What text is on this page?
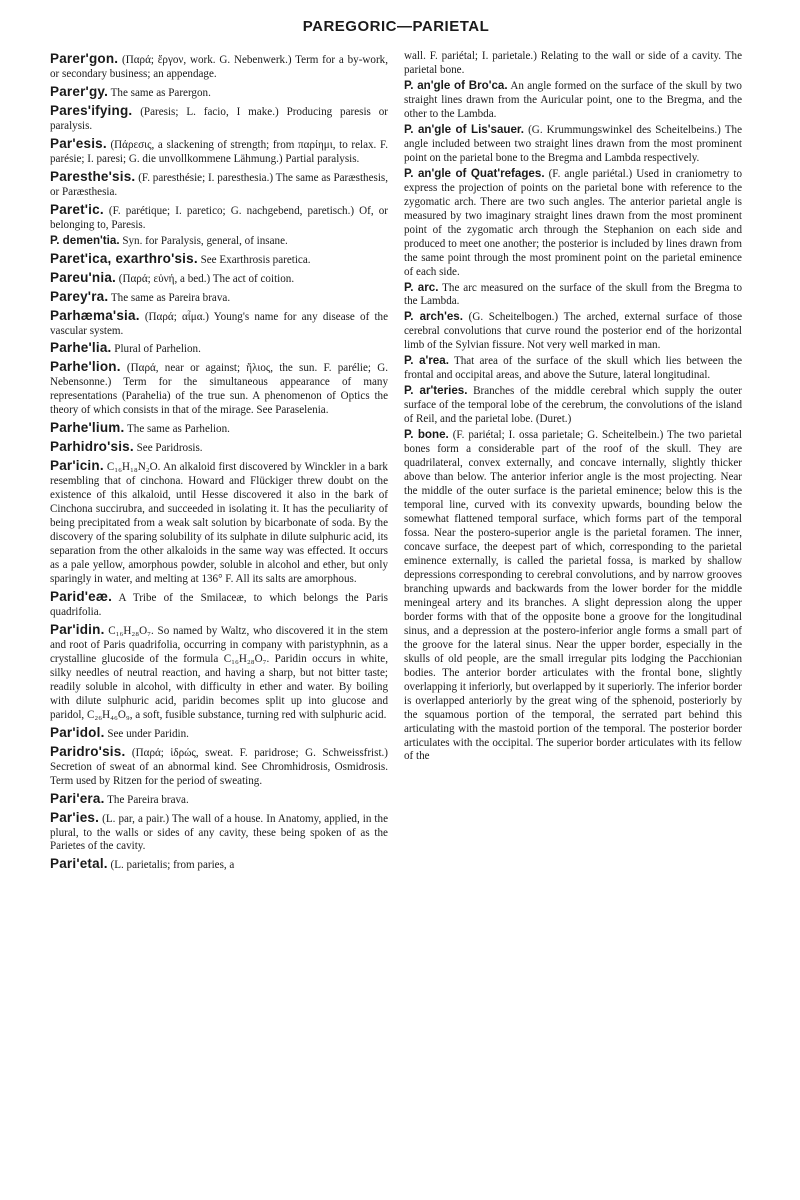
PAREGORIC—PARIETAL

Parer'gon. (Παρά; ἔργον, work. G. Nebenwerk.) Term for a by-work, or secondary business; an appendage.

Parer'gy. The same as Parergon.

Pares'ifying. (Paresis; L. facio, I make.) Producing paresis or paralysis.

Par'esis. (Πάρεσις, a slackening of strength; from παρίημι, to relax. F. parésie; I. paresi; G. die unvollkommene Lähmung.) Partial paralysis.

Paresthe'sis. (F. paresthésie; I. paresthesia.) The same as Paræsthesis, or Paræsthesia.

Paret'ic. (F. parétique; I. paretico; G. nachgebend, paretisch.) Of, or belonging to, Paresis.

P. demen'tia. Syn. for Paralysis, general, of insane.

Paret'ica, exarthro'sis. See Exarthrosis paretica.

Pareu'nia. (Παρά; εὐνή, a bed.) The act of coition.

Parey'ra. The same as Pareira brava.

Parhæma'sia. (Παρά; αἷμα.) Young's name for any disease of the vascular system.

Parhe'lia. Plural of Parhelion.

Parhe'lion. (Παρά, near or against; ἥλιος, the sun. F. parélie; G. Nebensonne.) Term for the simultaneous appearance of many representations (Parahelia) of the true sun. A phenomenon of Optics the theory of which consists in that of the mirage. See Paraselenia.

Parhe'lium. The same as Parhelion.

Parhidro'sis. See Paridrosis.

Par'icin. C₁₆H₁₈N₂O. An alkaloid first discovered by Winckler in a bark resembling that of cinchona. Howard and Flückiger threw doubt on the existence of this alkaloid, until Hesse discovered it also in the bark of Cinchona succirubra, and succeeded in isolating it. It has the peculiarity of being precipitated from a weak salt solution by bicarbonate of soda. By the discovery of the sparing solubility of its sulphate in dilute sulphuric acid, its separation from the other alkaloids in the same way was effected. It occurs as a pale yellow, amorphous powder, soluble in alcohol and ether, but only sparingly in water, and melting at 136° F. All its salts are amorphous.

Parid'eæ. A Tribe of the Smilaceæ, to which belongs the Paris quadrifolia.

Par'idin. C₁₆H₂₈O₇. So named by Waltz, who discovered it in the stem and root of Paris quadrifolia, occurring in company with paristyphnin, as a crystalline glucoside of the formula C₁₆H₂₈O₇. Paridin occurs in white, silky needles of neutral reaction, and having a sharp, but not bitter taste; readily soluble in alcohol, with difficulty in ether and water. By boiling with dilute sulphuric acid, paridin becomes split up into glucose and paridol, C₂₆H₄₆O₉, a soft, fusible substance, turning red with sulphuric acid.

Par'idol. See under Paridin.

Paridro'sis. (Παρά; ἱδρώς, sweat. F. paridrose; G. Schweissfrist.) Secretion of sweat of an abnormal kind. See Chromhidrosis, Osmidrosis. Term used by Ritzen for the period of sweating.

Pari'era. The Pareira brava.

Par'ies. (L. par, a pair.) The wall of a house. In Anatomy, applied, in the plural, to the walls or sides of any cavity, these being spoken of as the Parietes of the cavity.

Pari'etal. (L. parietalis; from paries, a

wall. F. pariétal; I. parietale.) Relating to the wall or side of a cavity. The parietal bone.

P. an'gle of Bro'ca. An angle formed on the surface of the skull by two straight lines drawn from the Auricular point, one to the Bregma, and the other to the Lambda.

P. an'gle of Lis'sauer. (G. Krummungswinkel des Scheitelbeins.) The angle included between two straight lines drawn from the most prominent point on the parietal bone to the Bregma and Lambda respectively.

P. an'gle of Quat'refages. (F. angle pariétal.) Used in craniometry to express the projection of points on the parietal bone with reference to the zygomatic arch. There are two such angles. The anterior parietal angle is measured by two imaginary straight lines drawn from the most prominent point of the zygomatic arch through the Stephanion on each side and produced to meet one another; the posterior is included by lines drawn from the same point through the most prominent point on the parietal eminence of each side.

P. arc. The arc measured on the surface of the skull from the Bregma to the Lambda.

P. arch'es. (G. Scheitelbogen.) The arched, external surface of those cerebral convolutions that curve round the posterior end of the horizontal limb of the Sylvian fissure. Not very well marked in man.

P. a'rea. That area of the surface of the skull which lies between the frontal and occipital areas, and above the Suture, lateral longitudinal.

P. ar'teries. Branches of the middle cerebral which supply the outer surface of the temporal lobe of the cerebrum, the convolutions of the island of Reil, and the parietal lobe. (Duret.)

P. bone. (F. pariétal; I. ossa parietale; G. Scheitelbein.) The two parietal bones form a considerable part of the roof of the skull. They are quadrilateral, convex externally, and concave internally, slightly thicker above than below. The anterior inferior angle is the most projecting. Near the middle of the outer surface is the parietal eminence; below this is the temporal line, curved with its convexity upwards, bounding below the somewhat flattened temporal surface, which forms part of the temporal fossa. Near the postero-superior angle is the parietal foramen. The inner, concave surface, the deepest part of which, corresponding to the parietal eminence externally, is called the parietal fossa, is marked by shallow depressions corresponding to cerebral convolutions, and by narrow grooves branching upwards and backwards from the lower border for the middle meningeal artery and its branches. A slight depression along the upper border forms with that of the opposite bone a groove for the longitudinal sinus, and a depression at the postero-inferior angle forms a small part of the groove for the lateral sinus. Near the upper border, especially in the skulls of old people, are the small irregular pits lodging the Pacchionian bodies. The anterior border articulates with the frontal bone, slightly overlapping it inferiorly, but overlapped by it superiorly. The inferior border is overlapped anteriorly by the great wing of the sphenoid, posteriorly by the squamous portion of the temporal, the serrated part behind this articulating with the mastoid portion of the temporal. The posterior border articulates with the occipital. The superior border articulates with its fellow of the
